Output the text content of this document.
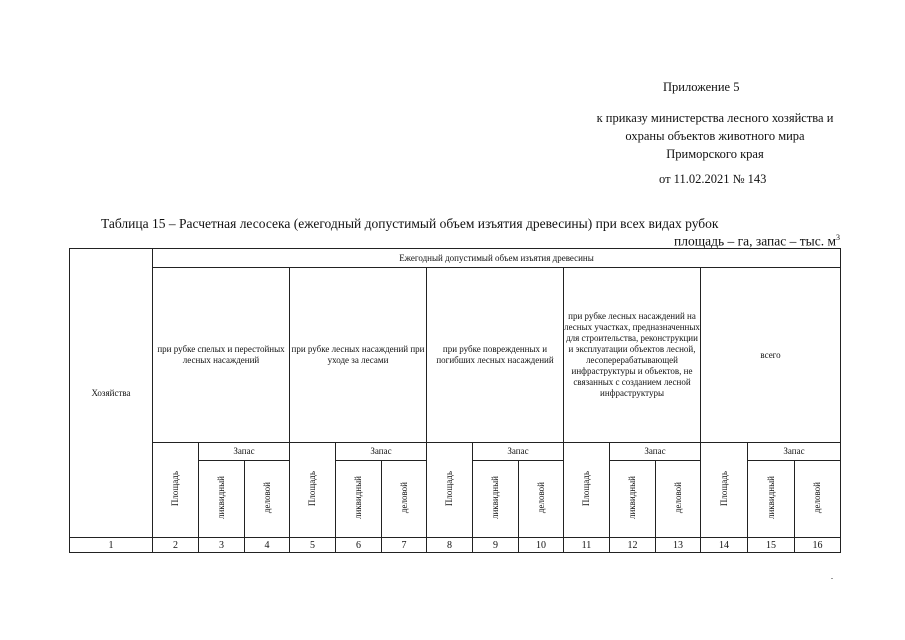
Приложение 5
к приказу министерства лесного хозяйства и охраны объектов животного мира Приморского края
от 11.02.2021 № 143
Таблица 15 – Расчетная лесосека (ежегодный допустимый объем изъятия древесины) при всех видах рубок
площадь – га, запас – тыс. $м^3$
Хозяйства	Ежегодный допустимый объем изъятия древесины														
	при рубке спелых и перестойных лесных насаждений			при рубке лесных насаждений при уходе за лесами			при рубке поврежденных и погибших лесных насаждений			при рубке лесных насаждений на лесных участках, предназначенных для строительства, реконструкции и эксплуатации объектов лесной, лесоперерабатывающей инфраструктуры и объектов, не связанных с созданием лесной инфраструктуры			всего		
	Площадь	Запас		Площадь	Запас		Площадь	Запас		Площадь	Запас		Площадь	Запас	
		ликвидный	деловой		ликвидный	деловой		ликвидный	деловой		ликвидный	деловой		ликвидный	деловой
1	2	3	4	5	6	7	8	9	10	11	12	13	14	15	16
